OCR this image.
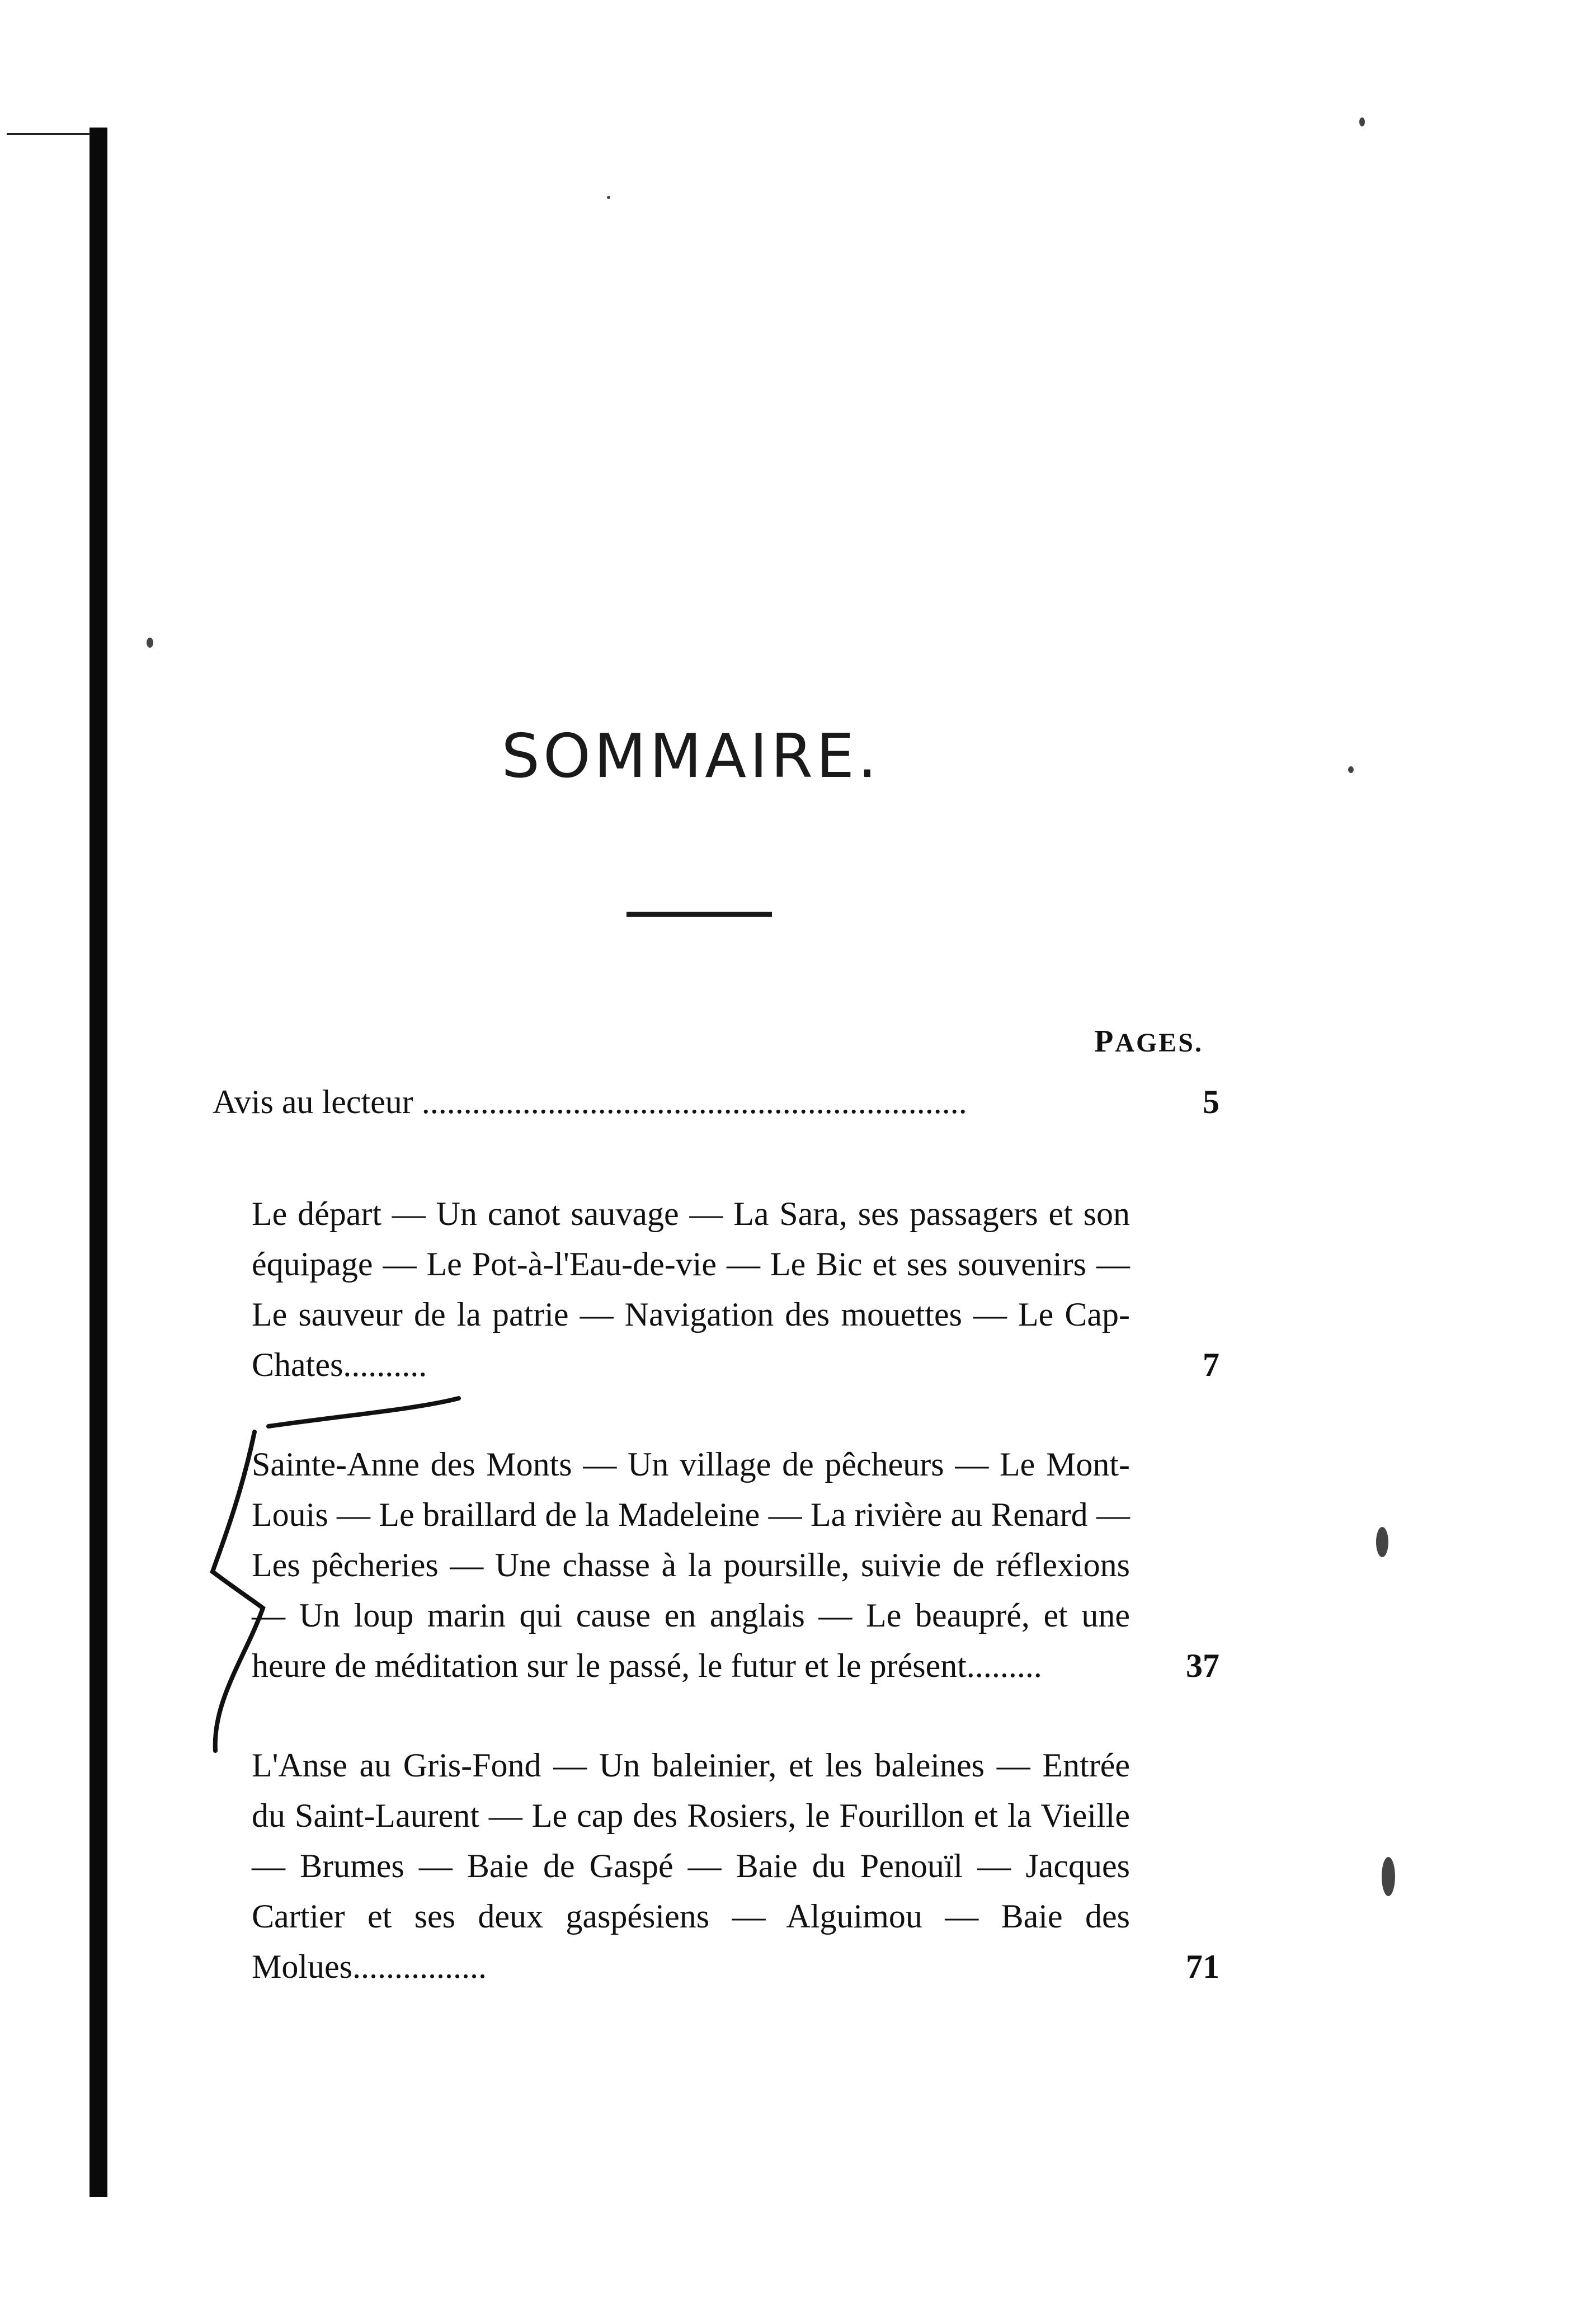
SOMMAIRE.
PAGES.
Avis au lecteur .................................................................	5
Le départ — Un canot sauvage — La Sara, ses passagers et son équipage — Le Pot-à-l'Eau-de-vie — Le Bic et ses souvenirs — Le sauveur de la patrie — Navigation des mouettes — Le Cap-Chates..........	7
Sainte-Anne des Monts — Un village de pêcheurs — Le Mont-Louis — Le braillard de la Madeleine — La rivière au Renard — Les pêcheries — Une chasse à la poursille, suivie de réflexions — Un loup marin qui cause en anglais — Le beaupré, et une heure de méditation sur le passé, le futur et le présent.........	37
L'Anse au Gris-Fond — Un baleinier, et les baleines — Entrée du Saint-Laurent — Le cap des Rosiers, le Fourillon et la Vieille — Brumes — Baie de Gaspé — Baie du Penouïl — Jacques Cartier et ses deux gaspésiens — Alguimou — Baie des Molues................	71
